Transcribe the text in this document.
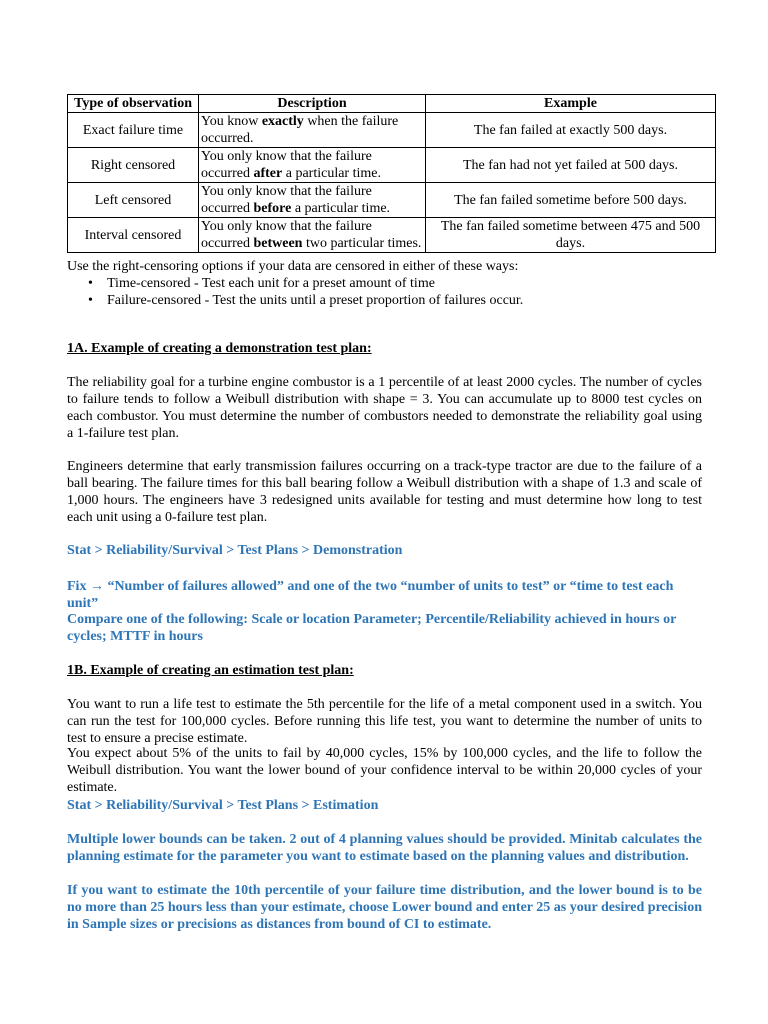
Type of observation	Description	Example
Exact failure time	You know exactly when the failure occurred.	The fan failed at exactly 500 days.
Right censored	You only know that the failure occurred after a particular time.	The fan had not yet failed at 500 days.
Left censored	You only know that the failure occurred before a particular time.	The fan failed sometime before 500 days.
Interval censored	You only know that the failure occurred between two particular times.	The fan failed sometime between 475 and 500 days.

Use the right-censoring options if your data are censored in either of these ways:

• Time-censored - Test each unit for a preset amount of time
• Failure-censored - Test the units until a preset proportion of failures occur.

1A. Example of creating a demonstration test plan:

The reliability goal for a turbine engine combustor is a 1 percentile of at least 2000 cycles. The number of cycles to failure tends to follow a Weibull distribution with shape = 3. You can accumulate up to 8000 test cycles on each combustor. You must determine the number of combustors needed to demonstrate the reliability goal using a 1-failure test plan.

Engineers determine that early transmission failures occurring on a track-type tractor are due to the failure of a ball bearing. The failure times for this ball bearing follow a Weibull distribution with a shape of 1.3 and scale of 1,000 hours. The engineers have 3 redesigned units available for testing and must determine how long to test each unit using a 0-failure test plan.

Stat > Reliability/Survival > Test Plans > Demonstration

Fix → “Number of failures allowed” and one of the two “number of units to test” or “time to test each unit”

Compare one of the following: Scale or location Parameter; Percentile/Reliability achieved in hours or cycles; MTTF in hours

1B. Example of creating an estimation test plan:

You want to run a life test to estimate the 5th percentile for the life of a metal component used in a switch. You can run the test for 100,000 cycles. Before running this life test, you want to determine the number of units to test to ensure a precise estimate.

You expect about 5% of the units to fail by 40,000 cycles, 15% by 100,000 cycles, and the life to follow the Weibull distribution. You want the lower bound of your confidence interval to be within 20,000 cycles of your estimate.

Stat > Reliability/Survival > Test Plans > Estimation

Multiple lower bounds can be taken. 2 out of 4 planning values should be provided. Minitab calculates the planning estimate for the parameter you want to estimate based on the planning values and distribution.

If you want to estimate the 10th percentile of your failure time distribution, and the lower bound is to be no more than 25 hours less than your estimate, choose Lower bound and enter 25 as your desired precision in Sample sizes or precisions as distances from bound of CI to estimate.
